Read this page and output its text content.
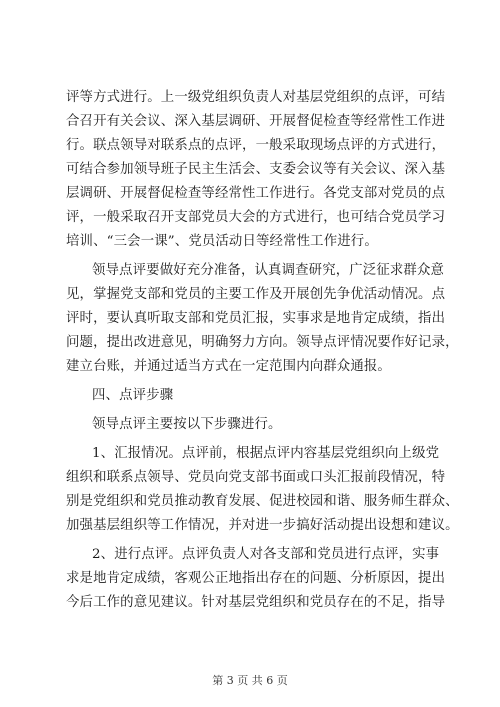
评等方式进行。上一级党组织负责人对基层党组织的点评，可结
合召开有关会议、深入基层调研、开展督促检查等经常性工作进
行。联点领导对联系点的点评，一般采取现场点评的方式进行，
可结合参加领导班子民主生活会、支委会议等有关会议、深入基
层调研、开展督促检查等经常性工作进行。各党支部对党员的点
评，一般采取召开支部党员大会的方式进行，也可结合党员学习
培训、“三会一课”、党员活动日等经常性工作进行。
领导点评要做好充分准备，认真调查研究，广泛征求群众意
见，掌握党支部和党员的主要工作及开展创先争优活动情况。点
评时，要认真听取支部和党员汇报，实事求是地肯定成绩，指出
问题，提出改进意见，明确努力方向。领导点评情况要作好记录，
建立台账，并通过适当方式在一定范围内向群众通报。
四、点评步骤
领导点评主要按以下步骤进行。
1、汇报情况。点评前，根据点评内容基层党组织向上级党
组织和联系点领导、党员向党支部书面或口头汇报前段情况，特
别是党组织和党员推动教育发展、促进校园和谐、服务师生群众、
加强基层组织等工作情况，并对进一步搞好活动提出设想和建议。
2、进行点评。点评负责人对各支部和党员进行点评，实事
求是地肯定成绩，客观公正地指出存在的问题、分析原因，提出
今后工作的意见建议。针对基层党组织和党员存在的不足，指导
第 3 页 共 6 页
